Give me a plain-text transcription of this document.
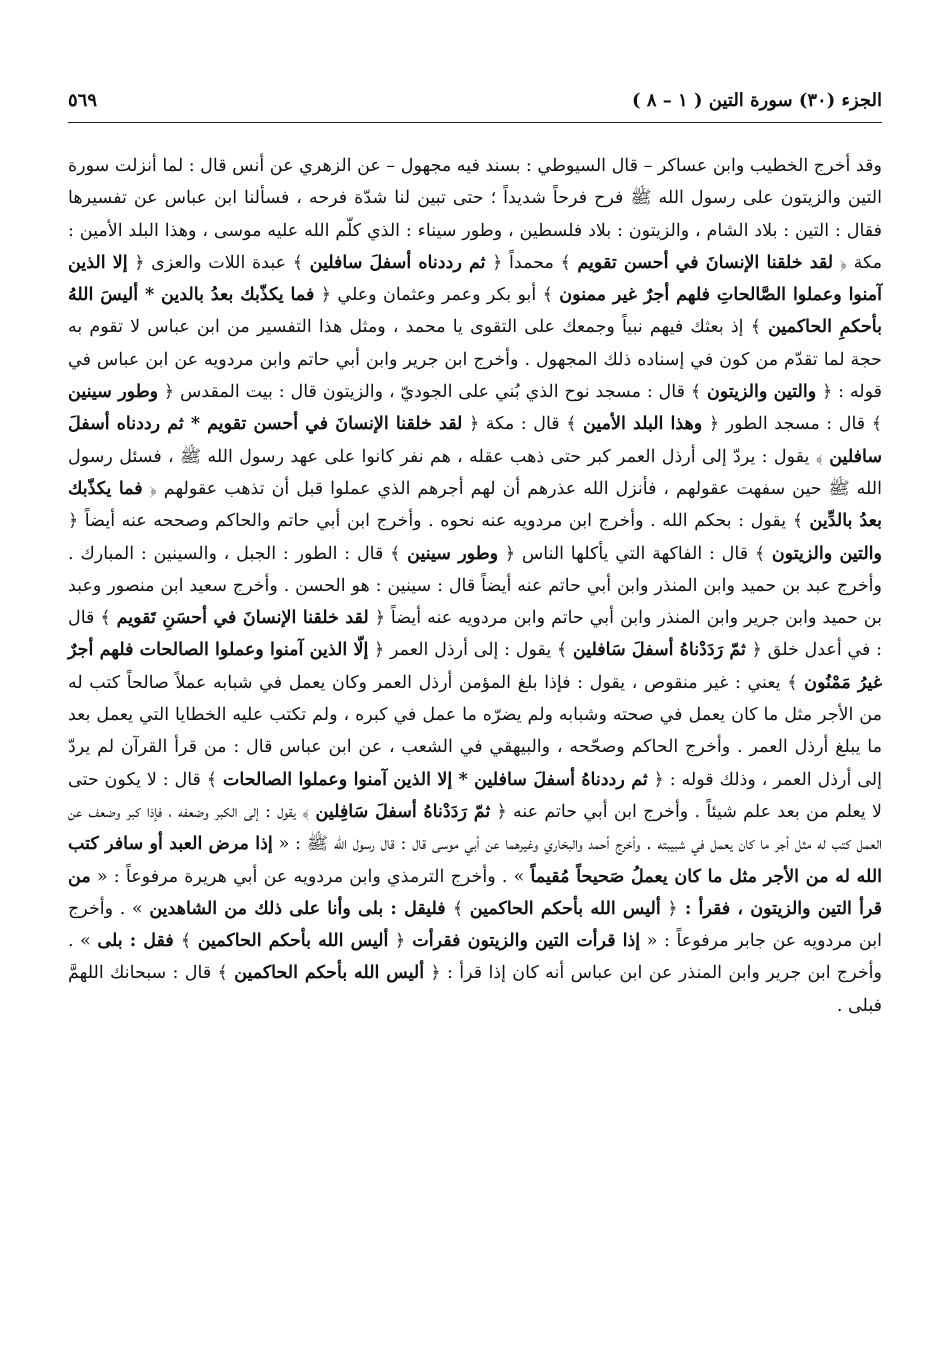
الجزء (٣٠) سورة التين ( ١ – ٨ )
٥٦٩

وقد أخرج الخطيب وابن عساكر – قال السيوطي : بسند فيه مجهول – عن الزهري عن أنس قال : لما أنزلت سورة التين والزيتون على رسول الله ﷺ فرح فرحاً شديداً ؛ حتى تبين لنا شدّة فرحه ، فسألنا ابن عباس عن تفسيرها فقال : التين : بلاد الشام ، والزيتون : بلاد فلسطين ، وطور سيناء : الذي كلّم الله عليه موسى ، وهذا البلد الأمين : مكة ﴿ لقد خلقنا الإنسانَ في أحسن تقويم ﴾ محمداً ﴿ ثم رددناه أسفلَ سافلين ﴾ عبدة اللات والعزى ﴿ إلا الذين آمنوا وعملوا الصَّالحاتِ فلهم أجرٌ غير ممنون ﴾ أبو بكر وعمر وعثمان وعلي ﴿ فما يكذّبك بعدُ بالدين * أليسَ اللهُ بأحكمِ الحاكمين ﴾ إذ بعثك فيهم نبياً وجمعك على التقوى يا محمد ، ومثل هذا التفسير من ابن عباس لا تقوم به حجة لما تقدّم من كون في إسناده ذلك المجهول . وأخرج ابن جرير وابن أبي حاتم وابن مردويه عن ابن عباس في قوله : ﴿ والتين والزيتون ﴾ قال : مسجد نوح الذي بُني على الجوديّ ، والزيتون قال : بيت المقدس ﴿ وطور سينين ﴾ قال : مسجد الطور ﴿ وهذا البلد الأمين ﴾ قال : مكة ﴿ لقد خلقنا الإنسانَ في أحسن تقويم * ثم رددناه أسفلَ سافلين ﴾ يقول : يردّ إلى أرذل العمر كبر حتى ذهب عقله ، هم نفر كانوا على عهد رسول الله ﷺ ، فسئل رسول الله ﷺ حين سفهت عقولهم ، فأنزل الله عذرهم أن لهم أجرهم الذي عملوا قبل أن تذهب عقولهم ﴿ فما يكذّبك بعدُ بالدِّين ﴾ يقول : بحكم الله . وأخرج ابن مردويه عنه نحوه . وأخرج ابن أبي حاتم والحاكم وصححه عنه أيضاً ﴿ والتين والزيتون ﴾ قال : الفاكهة التي يأكلها الناس ﴿ وطور سينين ﴾ قال : الطور : الجبل ، والسينين : المبارك . وأخرج عبد بن حميد وابن المنذر وابن أبي حاتم عنه أيضاً قال : سينين : هو الحسن . وأخرج سعيد ابن منصور وعبد بن حميد وابن جرير وابن المنذر وابن أبي حاتم وابن مردويه عنه أيضاً ﴿ لقد خلقنا الإنسانَ في أحسَنِ تَقويم ﴾ قال : في أعدل خلق ﴿ ثمّ رَدَدْناهُ أسفلَ سَافلين ﴾ يقول : إلى أرذل العمر ﴿ إلّا الذين آمنوا وعملوا الصالحات فلهم أجرٌ غيرُ مَمْنُون ﴾ يعني : غير منقوص ، يقول : فإذا بلغ المؤمن أرذل العمر وكان يعمل في شبابه عملاً صالحاً كتب له من الأجر مثل ما كان يعمل في صحته وشبابه ولم يضرّه ما عمل في كبره ، ولم تكتب عليه الخطايا التي يعمل بعد ما يبلغ أرذل العمر . وأخرج الحاكم وصحّحه ، والبيهقي في الشعب ، عن ابن عباس قال : من قرأ القرآن لم يردّ إلى أرذل العمر ، وذلك قوله : ﴿ ثم رددناهُ أسفلَ سافلين * إلا الذين آمنوا وعملوا الصالحات ﴾ قال : لا يكون حتى لا يعلم من بعد علم شيئاً . وأخرج ابن أبي حاتم عنه ﴿ ثمّ رَدَدْناهُ أسفلَ سَافِلين ﴾ يقول : إلى الكبر وضعفه ، فإذا كبر وضعف عن العمل كتب له مثل أجر ما كان يعمل في شبيبته . وأخرج أحمد والبخاري وغيرهما عن أبي موسى قال : قال رسول الله ﷺ : « إذا مرض العبد أو سافر كتب الله له من الأجر مثل ما كان يعملُ صَحيحاً مُقيماً » . وأخرج الترمذي وابن مردويه عن أبي هريرة مرفوعاً : « من قرأ التين والزيتون ، فقرأ : ﴿ أليس الله بأحكم الحاكمين ﴾ فليقل : بلى وأنا على ذلك من الشاهدين » . وأخرج ابن مردويه عن جابر مرفوعاً : « إذا قرأت التين والزيتون فقرأت ﴿ أليس الله بأحكم الحاكمين ﴾ فقل : بلى » . وأخرج ابن جرير وابن المنذر عن ابن عباس أنه كان إذا قرأ : ﴿ أليس الله بأحكم الحاكمين ﴾ قال : سبحانك اللهمَّ فبلى .
